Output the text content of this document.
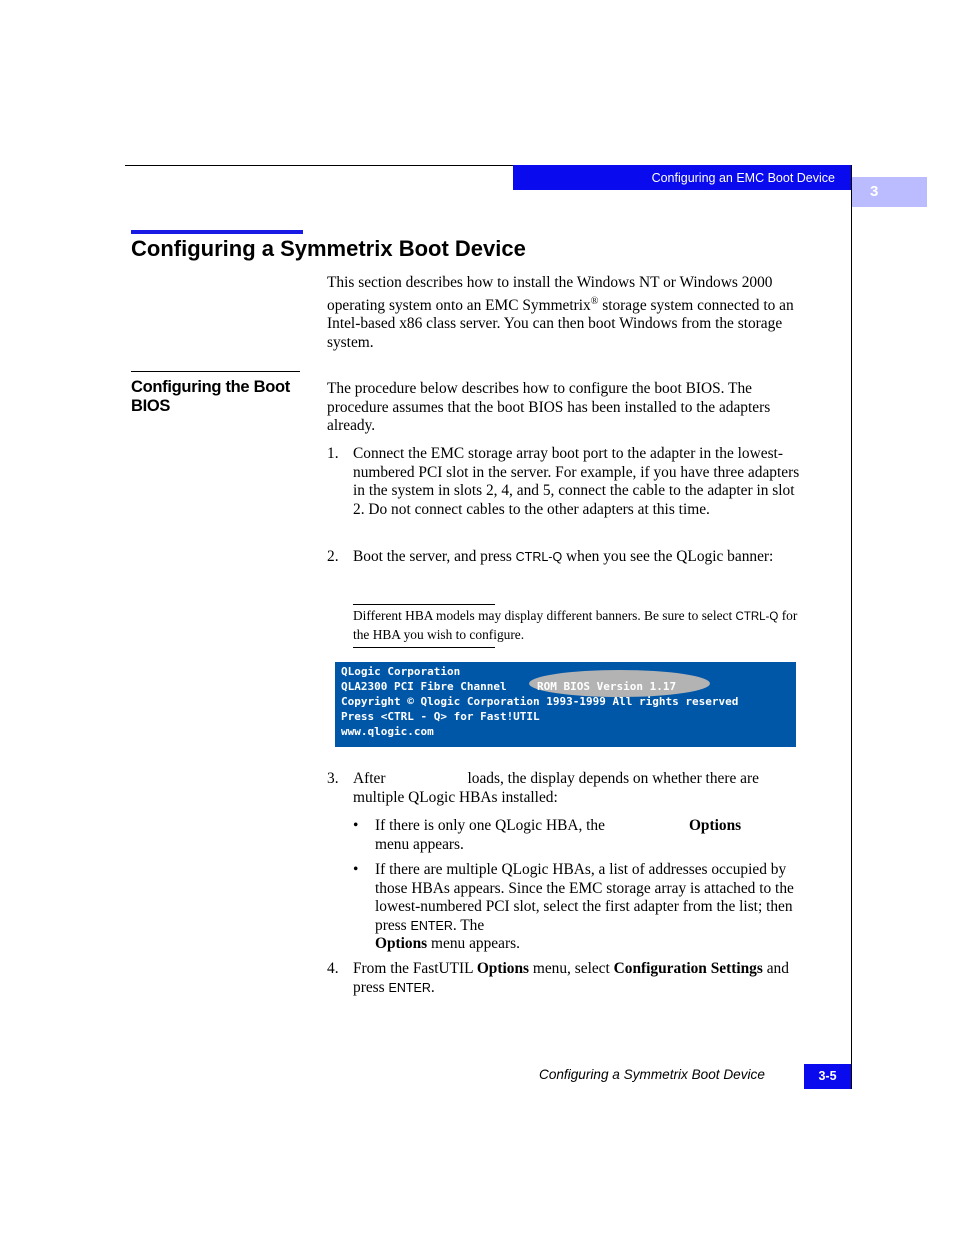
Configuring an EMC Boot Device
3
Configuring a Symmetrix Boot Device
This section describes how to install the Windows NT or Windows 2000 operating system onto an EMC Symmetrix® storage system connected to an Intel-based x86 class server. You can then boot Windows from the storage system.
Configuring the Boot BIOS
The procedure below describes how to configure the boot BIOS. The procedure assumes that the boot BIOS has been installed to the adapters already.
1. Connect the EMC storage array boot port to the adapter in the lowest-numbered PCI slot in the server. For example, if you have three adapters in the system in slots 2, 4, and 5, connect the cable to the adapter in slot 2. Do not connect cables to the other adapters at this time.
2. Boot the server, and press CTRL-Q when you see the QLogic banner:
Different HBA models may display different banners. Be sure to select CTRL-Q for the HBA you wish to configure.
QLogic Corporation
QLA2300 PCI Fibre Channel	ROM BIOS Version 1.17
Copyright © Qlogic Corporation 1993-1999 All rights reserved
Press <CTRL - Q> for Fast!UTIL
www.qlogic.com
3. After	loads, the display depends on whether there are multiple QLogic HBAs installed:
• If there is only one QLogic HBA, the	Options
menu appears.
• If there are multiple QLogic HBAs, a list of addresses occupied by those HBAs appears. Since the EMC storage array is attached to the lowest-numbered PCI slot, select the first adapter from the list; then press ENTER. The
Options menu appears.
4. From the FastUTIL Options menu, select Configuration Settings and press ENTER.
Configuring a Symmetrix Boot Device	3-5
